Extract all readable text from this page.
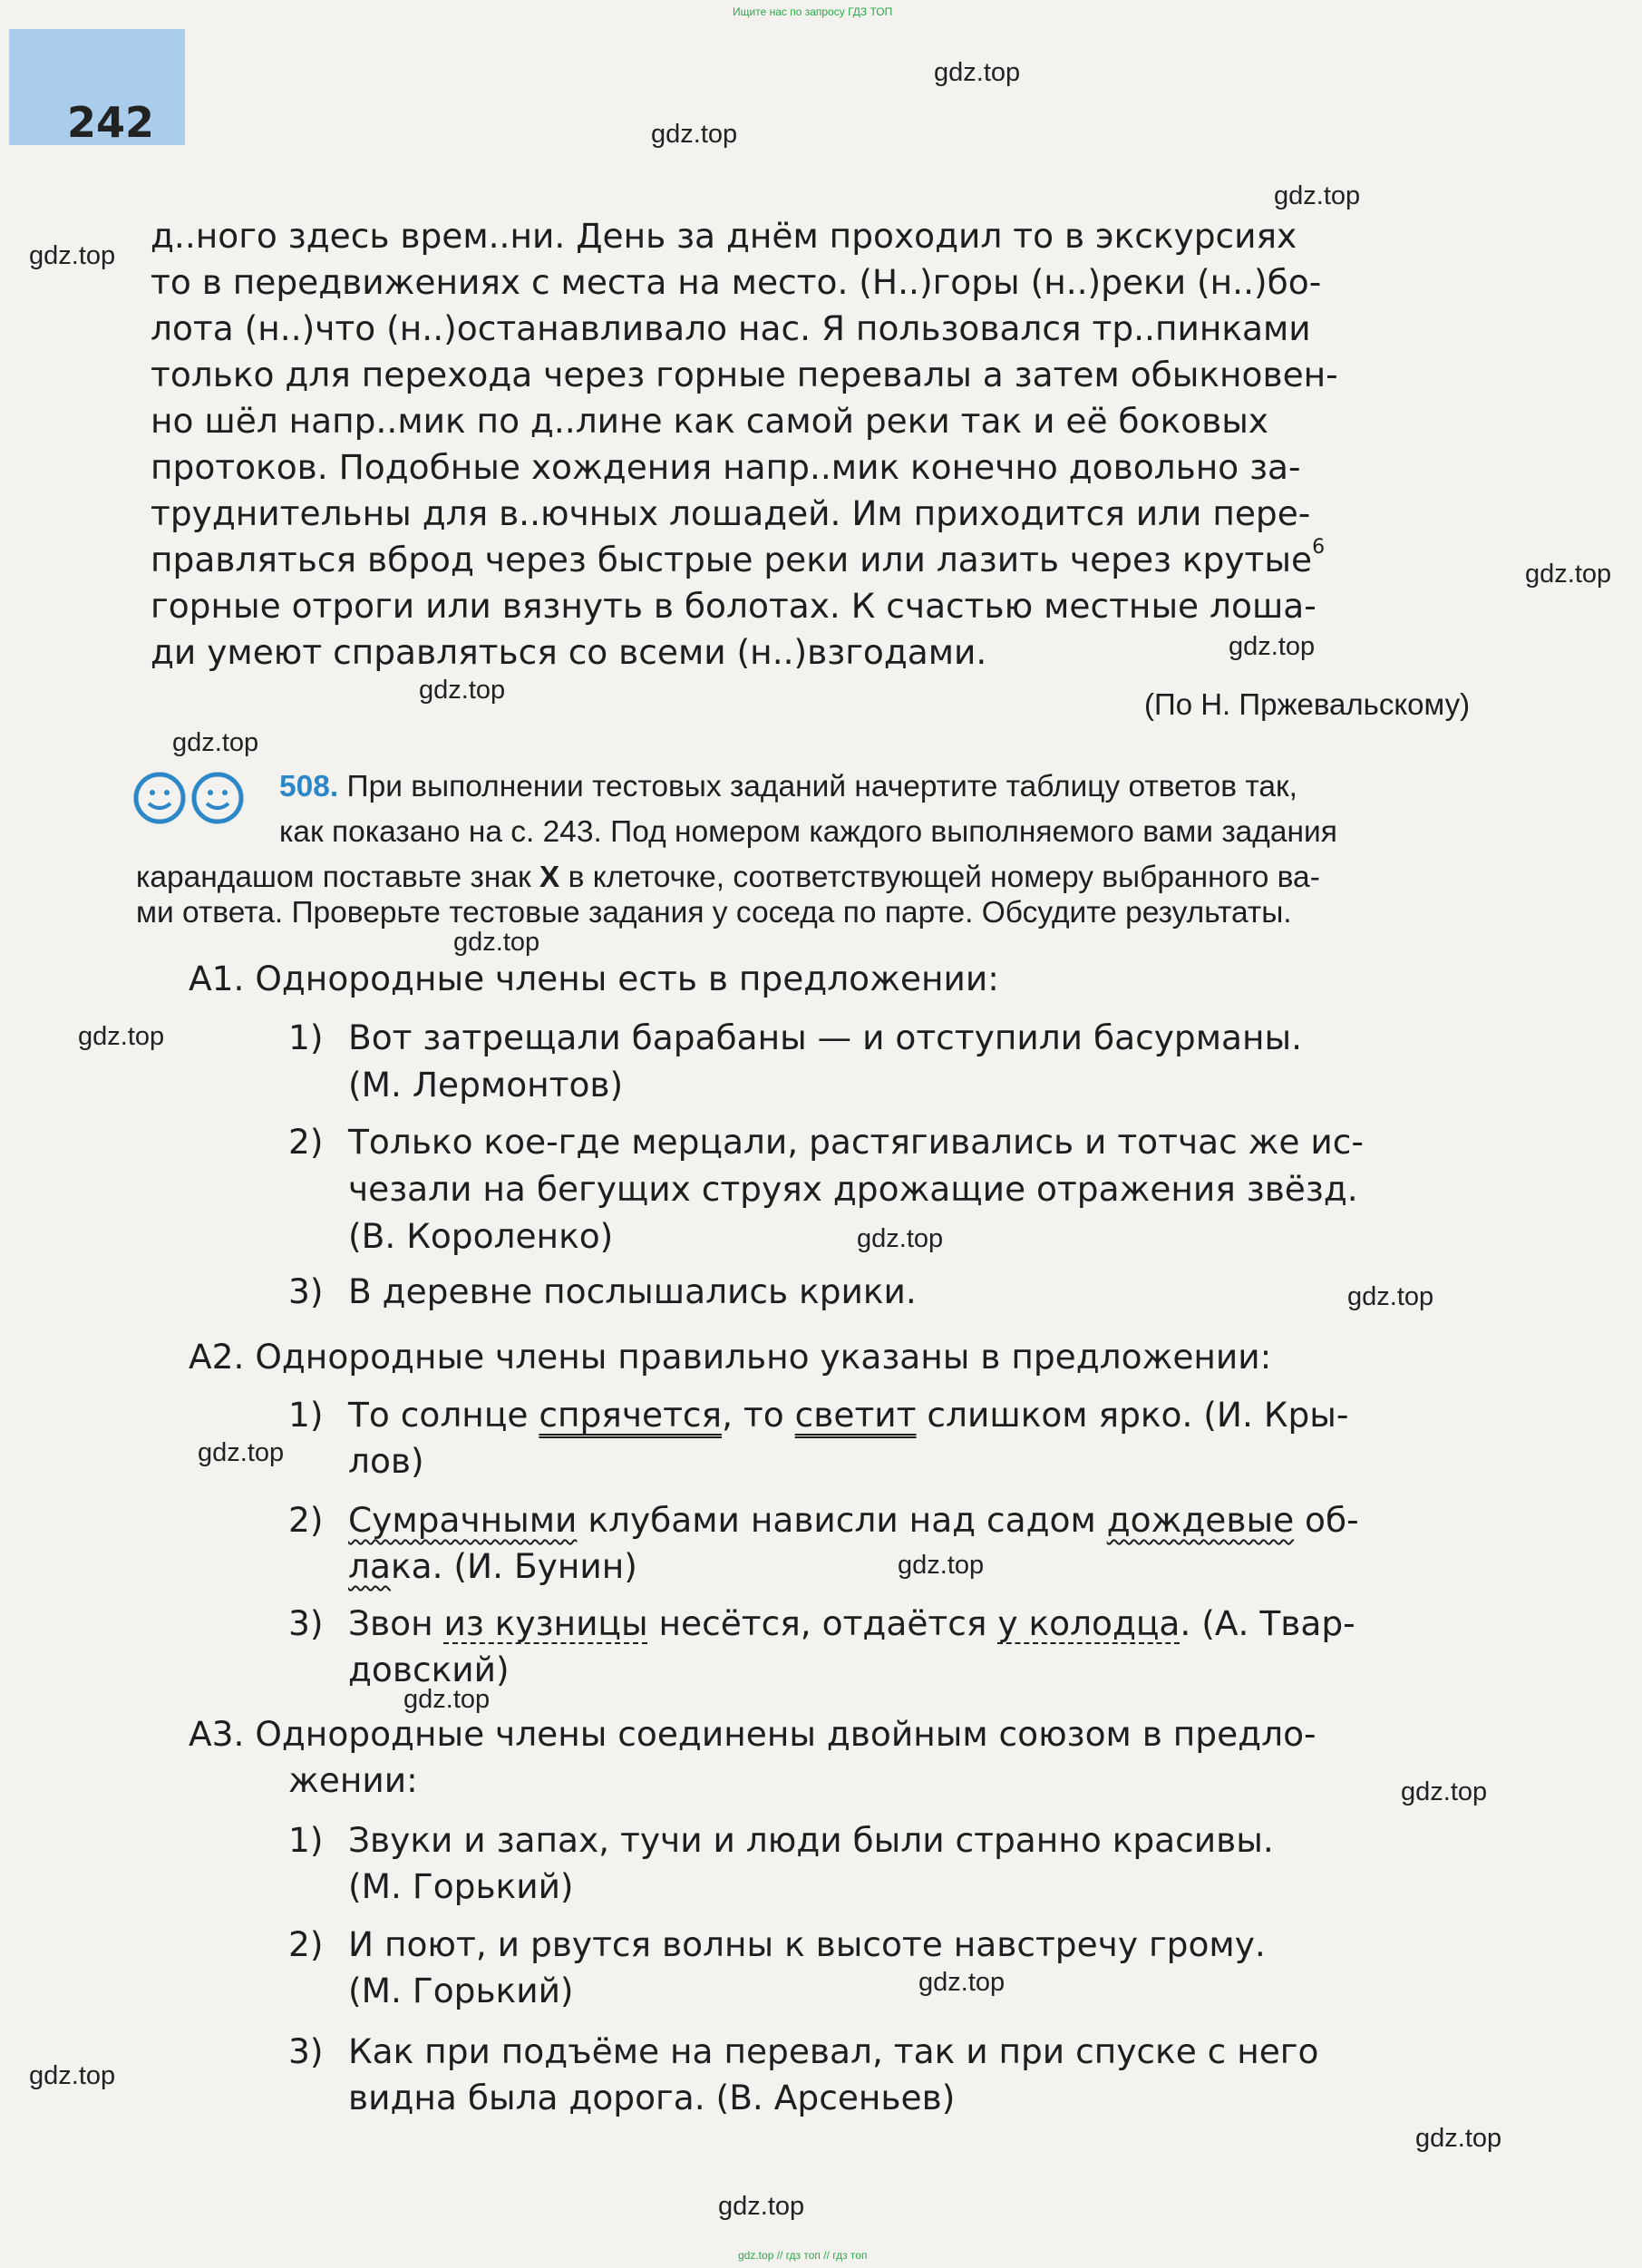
Ищите нас по запросу ГДЗ ТОП
gdz.top // гдз топ // гдз топ
242
gdz.top
gdz.top
gdz.top
gdz.top
gdz.top
gdz.top
gdz.top
gdz.top
gdz.top
gdz.top
gdz.top
gdz.top
gdz.top
gdz.top
gdz.top
gdz.top
gdz.top
gdz.top
gdz.top
gdz.top
д..ного здесь врем..ни. День за днём проходил то в экскурсиях
то в передвижениях с места на место. (Н..)горы (н..)реки (н..)бо-
лота (н..)что (н..)останавливало нас. Я пользовался тр..пинками
только для перехода через горные перевалы а затем обыкновен-
но шёл напр..мик по д..лине как самой реки так и её боковых
протоков. Подобные хождения напр..мик конечно довольно за-
труднительны для в..ючных лошадей. Им приходится или пере-
правляться вброд через быстрые реки или лазить через крутые$^6$
горные отроги или вязнуть в болотах. К счастью местные лоша-
ди умеют справляться со всеми (н..)взгодами.
(По Н. Пржевальскому)
508. При выполнении тестовых заданий начертите таблицу ответов так,
как показано на с. 243. Под номером каждого выполняемого вами задания
карандашом поставьте знак X в клеточке, соответствующей номеру выбранного ва-
ми ответа. Проверьте тестовые задания у соседа по парте. Обсудите результаты.
А1. Однородные члены есть в предложении:
1) Вот затрещали барабаны — и отступили басурманы.
(М. Лермонтов)
2) Только кое-где мерцали, растягивались и тотчас же ис-
чезали на бегущих струях дрожащие отражения звёзд.
(В. Короленко)
3) В деревне послышались крики.
А2. Однородные члены правильно указаны в предложении:
1) То солнце спрячется, то светит слишком ярко. (И. Кры-
лов)
2) Сумрачными клубами нависли над садом дождевые об-
лака. (И. Бунин)
3) Звон из кузницы несётся, отдаётся у колодца. (А. Твар-
довский)
А3. Однородные члены соединены двойным союзом в предло-
жении:
1) Звуки и запах, тучи и люди были странно красивы.
(М. Горький)
2) И поют, и рвутся волны к высоте навстречу грому.
(М. Горький)
3) Как при подъёме на перевал, так и при спуске с него
видна была дорога. (В. Арсеньев)
